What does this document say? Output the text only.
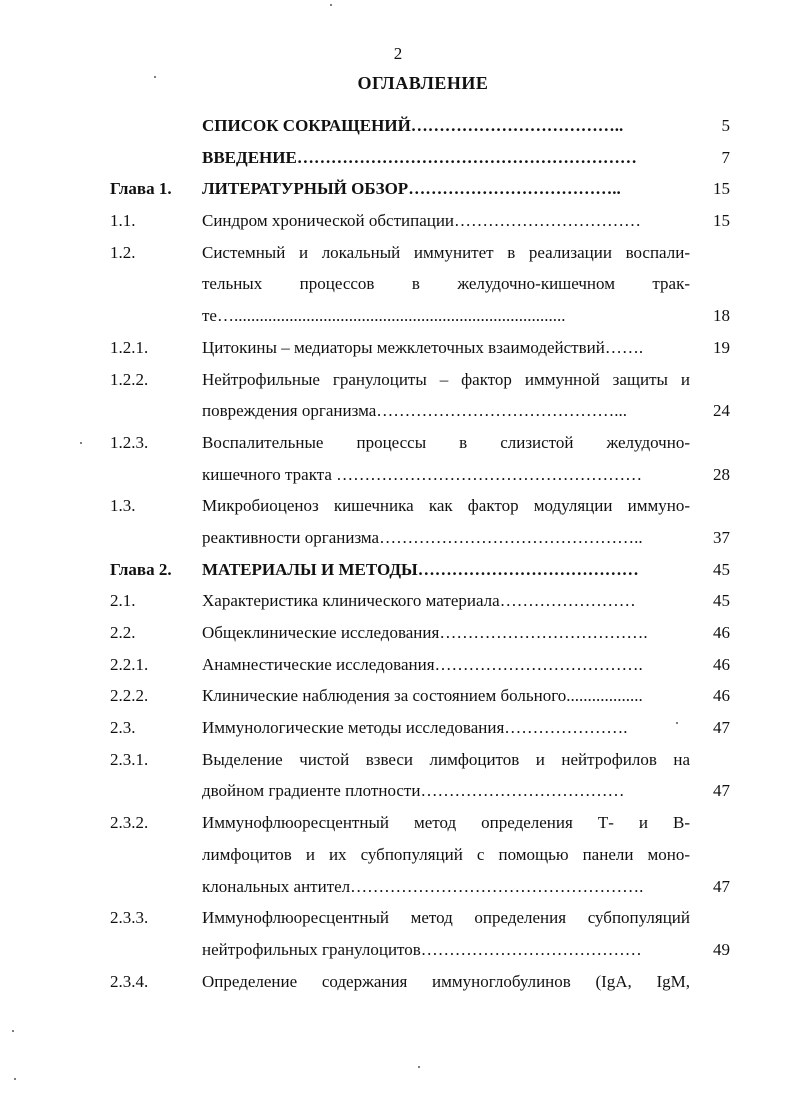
2
ОГЛАВЛЕНИЕ
СПИСОК СОКРАЩЕНИЙ………………………………..	5
ВВЕДЕНИЕ……………………………………………………	7
Глава 1. ЛИТЕРАТУРНЫЙ ОБЗОР………………………………..	15
1.1.	Синдром хронической обстипации……………………………	15
1.2.	Системный и локальный иммунитет в реализации воспали-
тельных процессов в желудочно-кишечном трак-
те…..............................................................................	18
1.2.1.	Цитокины – медиаторы межклеточных взаимодействий…….	19
1.2.2.	Нейтрофильные гранулоциты – фактор иммунной защиты и
повреждения организма……………………………………...	24
1.2.3.	Воспалительные процессы в слизистой желудочно-
кишечного тракта ………………………………………………	28
1.3.	Микробиоценоз кишечника как фактор модуляции иммуно-
реактивности организма………………………………………..	37
Глава 2. МАТЕРИАЛЫ И МЕТОДЫ…………………………………	45
2.1.	Характеристика клинического материала……………………	45
2.2.	Общеклинические исследования……………………………….	46
2.2.1.	Анамнестические исследования……………………………….	46
2.2.2.	Клинические наблюдения за состоянием больного..................	46
2.3.	Иммунологические методы исследования………………….	47
2.3.1.	Выделение чистой взвеси лимфоцитов и нейтрофилов на
двойном градиенте плотности………………………………	47
2.3.2.	Иммунофлюоресцентный метод определения Т- и В-
лимфоцитов и их субпопуляций с помощью панели моно-
клональных антител…………………………………………….	47
2.3.3.	Иммунофлюоресцентный метод определения субпопуляций
нейтрофильных гранулоцитов…………………………………	49
2.3.4.	Определение содержания иммуноглобулинов (IgA, IgM,
